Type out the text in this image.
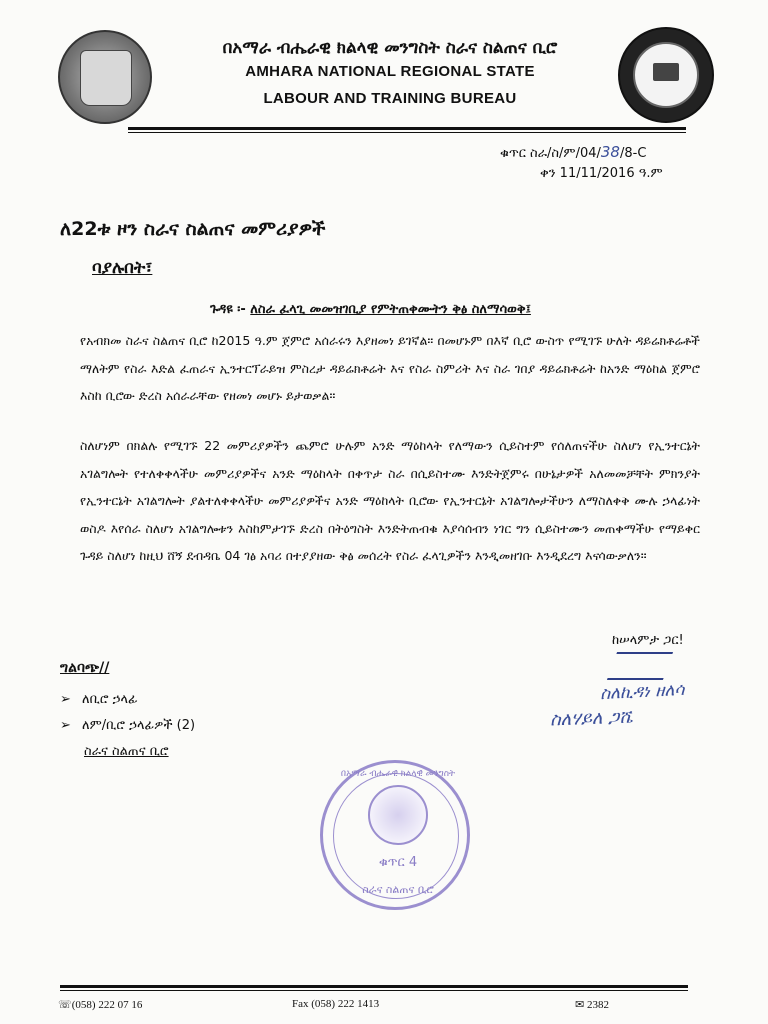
በአማራ ብሔራዊ ክልላዊ መንግስት ስራና ስልጠና ቢሮ
AMHARA NATIONAL REGIONAL STATE
LABOUR AND TRAINING BUREAU
ቁጥር ስራ/ስ/ም/04/38/8-C
ቀን 11/11/2016 ዓ.ም
ለ22ቱ ዞን ስራና ስልጠና መምሪያዎች
ባያሉበት፣
ጉዳዩ ፡- ለስራ ፈላጊ መመዝገቢያ የምትጠቀሙትን ቅፅ ስለማሳወቅ፤
የአብክመ ስራና ስልጠና ቢሮ ከ2015 ዓ.ም ጀምሮ አሰራሩን እያዘመነ ይገኛል። በመሆኑም በእኛ ቢሮ ውስጥ የሚገኙ ሁለት ዳይሬክቶሬቶች ማለትም የስራ እድል ፈጠራና ኢንተርፕራይዝ ምስረታ ዳይሬክቶሬት እና የስራ ስምሪት እና ስራ ገበያ ዳይሬክቶሬት ከአንድ ማዕከል ጀምሮ እስከ ቢሮው ድረስ አሰራራቸው የዘመነ መሆኑ ይታወቃል።
ስለሆነም በክልሉ የሚገኙ 22 መምሪያዎችን ጨምሮ ሁሉም አንድ ማዕከላት የለማውን ሲይስተም የሰለጠናችሁ ስለሆነ የኢንተርኔት አገልግሎት የተለቀቀላችሁ መምሪያዎችና አንድ ማዕከላት በቀጥታ ስራ በሲይስተሙ እንድትጀምሩ በሁኔታዎች አለመመቻቸት ምክንያት የኢንተርኔት አገልግሎት ያልተለቀቀላችሁ መምሪያዎችና አንድ ማዕከላት ቢሮው የኢንተርኔት አገልግሎታችሁን ለማስለቀቅ ሙሉ ኃላፊነት ወስዶ እየሰራ ስለሆነ አገልግሎቱን እስከምታገኙ ድረስ በትዕግስት እንድትጠብቁ እያሳሰብን ነገር ግን ሲይስተሙን መጠቀማችሁ የማይቀር ጉዳይ ስለሆነ ከዚህ ሸኝ ደብዳቤ 04 ገፅ አባሪ በተያያዘው ቅፅ መሰረት የስራ ፈላጊዎችን እንዲመዘገቡ እንዲደረግ እናሳውቃለን።
ከሠላምታ ጋር!
ስለኪዳነ ዘለሳ
ስለሃይለ ጋሼ
ግልባጭ//
➢ ለቢሮ ኃላፊ
➢ ለም/ቢሮ ኃላፊዎች (2)
ስራና ስልጠና ቢሮ
በአማራ ብሔራዊ ክልላዊ መንግስት
ቁጥር 4
ስራና ስልጠና ቢሮ
☏(058) 222 07 16	Fax (058) 222 1413	✉ 2382
